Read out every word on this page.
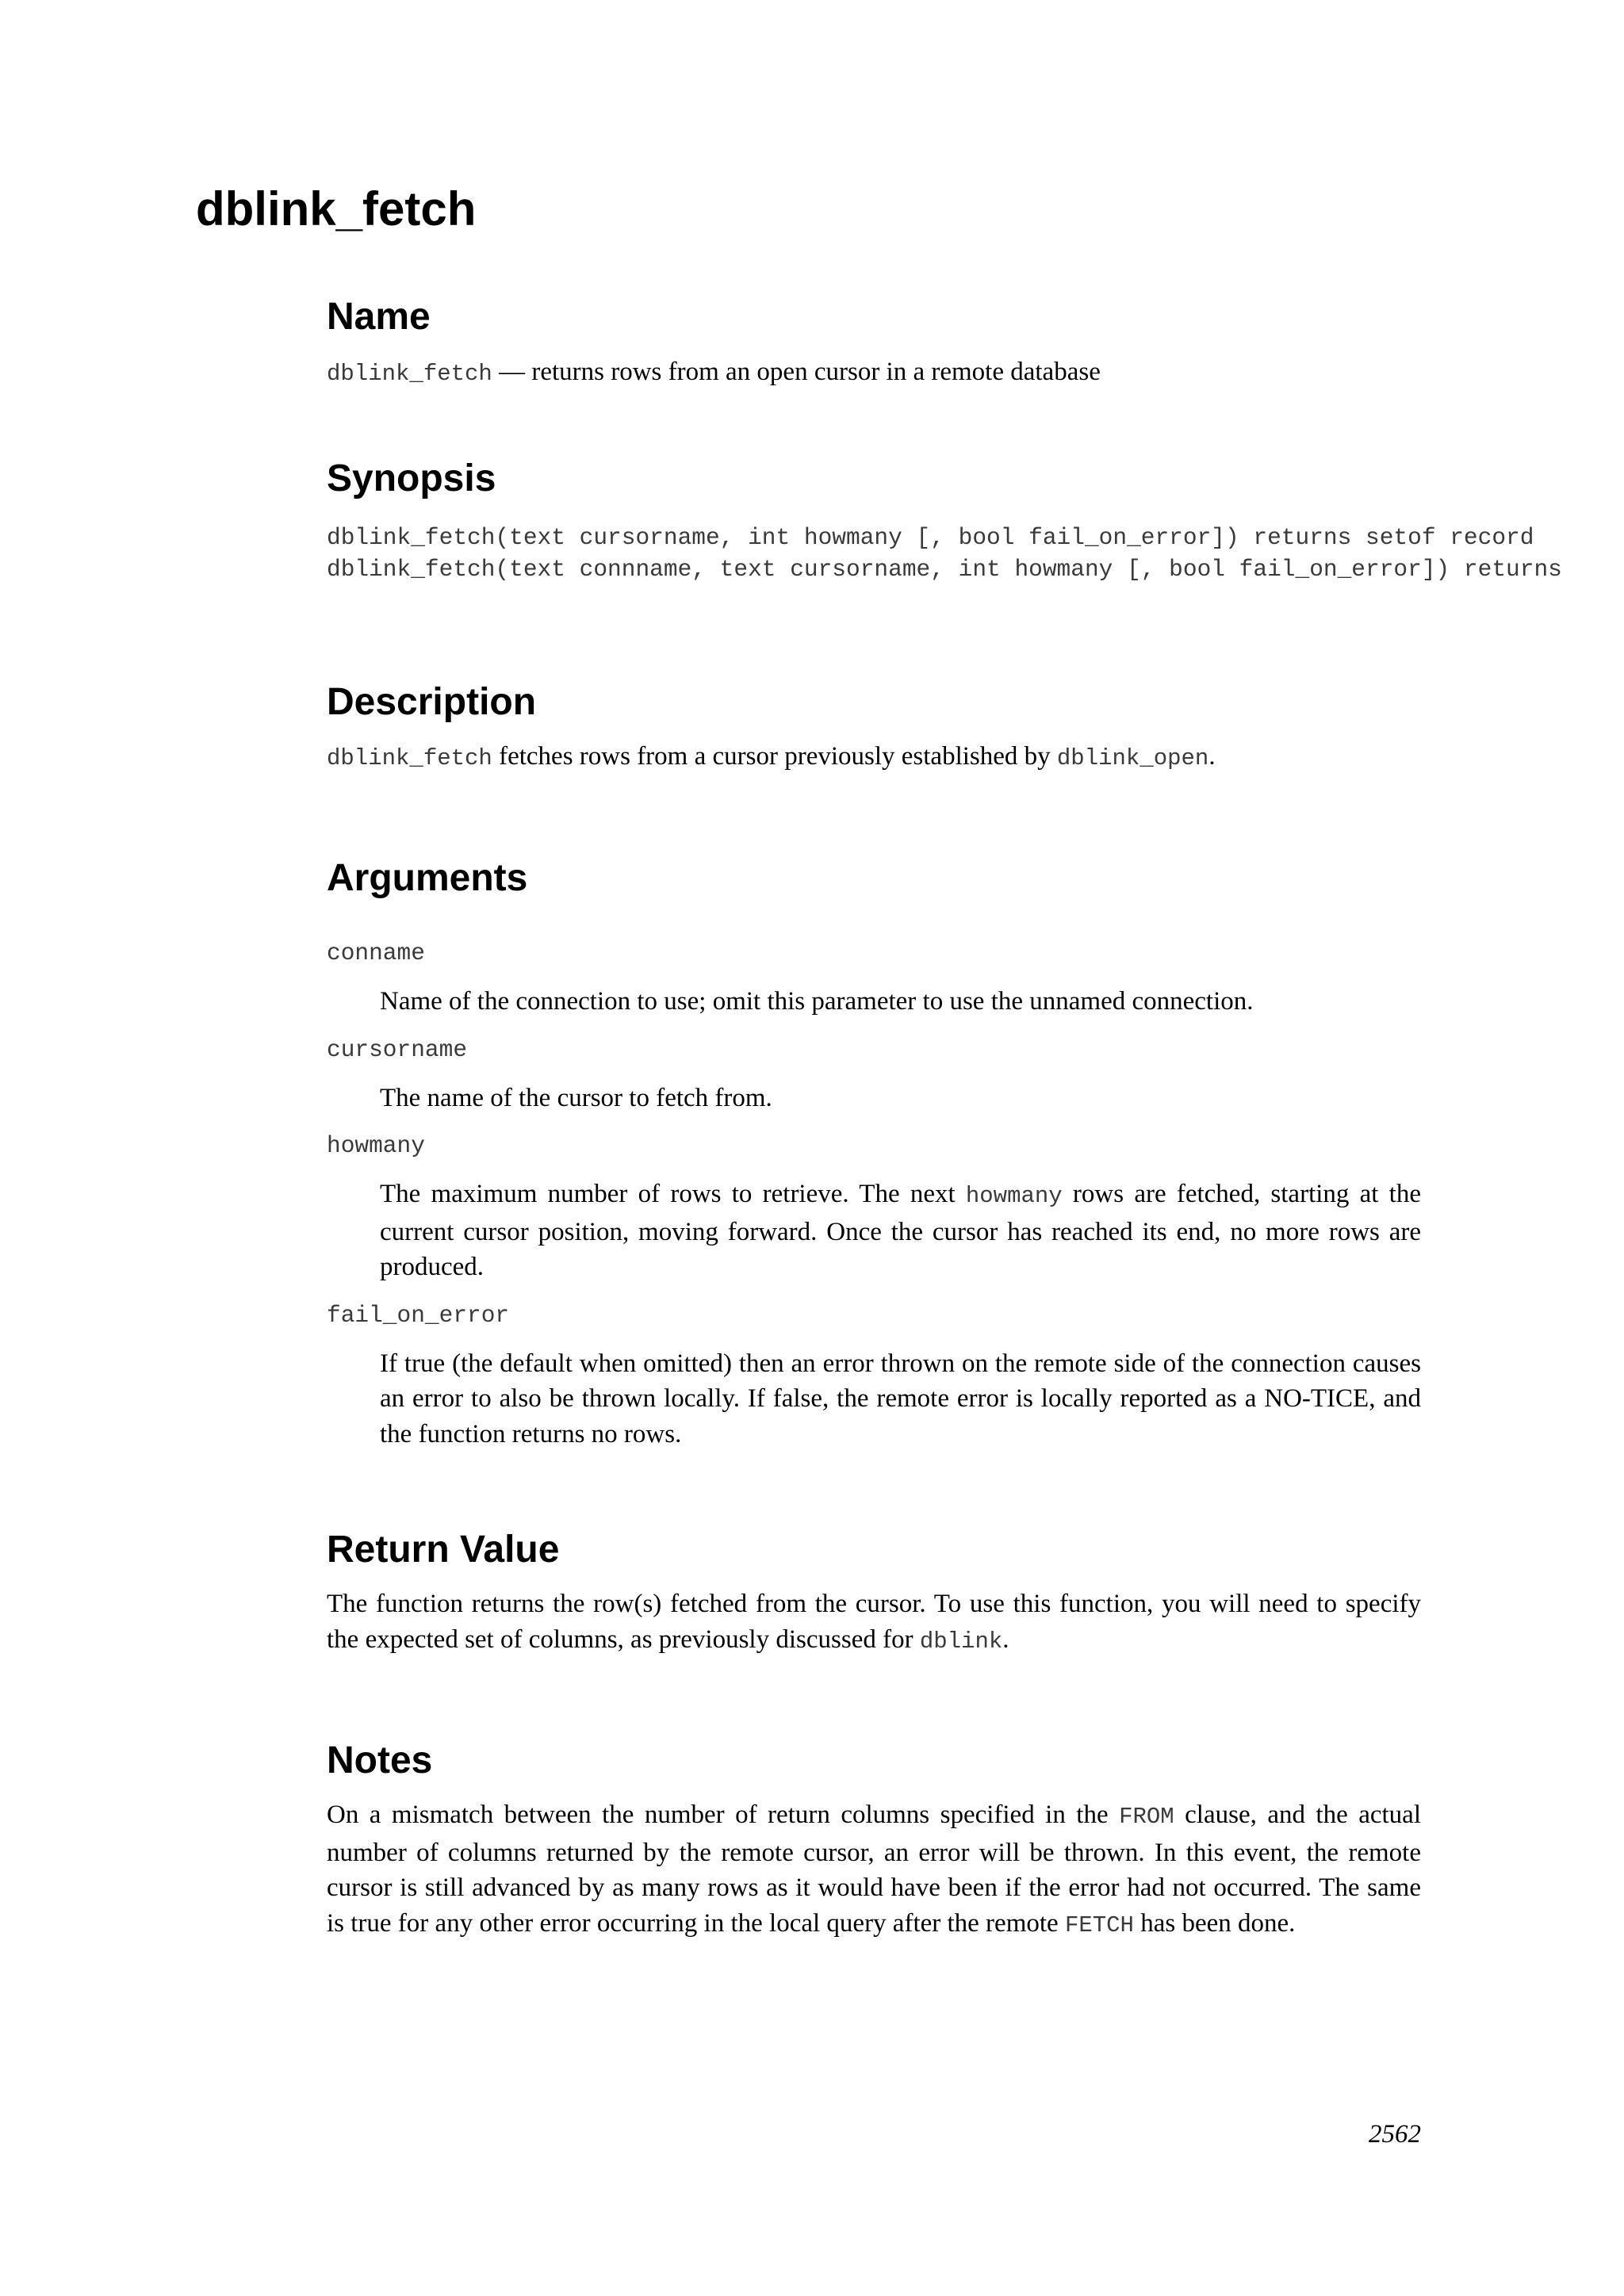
dblink_fetch
Name

dblink_fetch — returns rows from an open cursor in a remote database

Synopsis
dblink_fetch(text cursorname, int howmany [, bool fail_on_error]) returns setof record
dblink_fetch(text connname, text cursorname, int howmany [, bool fail_on_error]) returns
Description

dblink_fetch fetches rows from a cursor previously established by dblink_open.

Arguments
conname

Name of the connection to use; omit this parameter to use the unnamed connection.

cursorname

The name of the cursor to fetch from.

howmany

The maximum number of rows to retrieve. The next howmany rows are fetched, starting at the current cursor position, moving forward. Once the cursor has reached its end, no more rows are produced.

fail_on_error

If true (the default when omitted) then an error thrown on the remote side of the connection causes an error to also be thrown locally. If false, the remote error is locally reported as a NO-TICE, and the function returns no rows.

Return Value

The function returns the row(s) fetched from the cursor. To use this function, you will need to specify the expected set of columns, as previously discussed for dblink.

Notes

On a mismatch between the number of return columns specified in the FROM clause, and the actual number of columns returned by the remote cursor, an error will be thrown. In this event, the remote cursor is still advanced by as many rows as it would have been if the error had not occurred. The same is true for any other error occurring in the local query after the remote FETCH has been done.

2562
